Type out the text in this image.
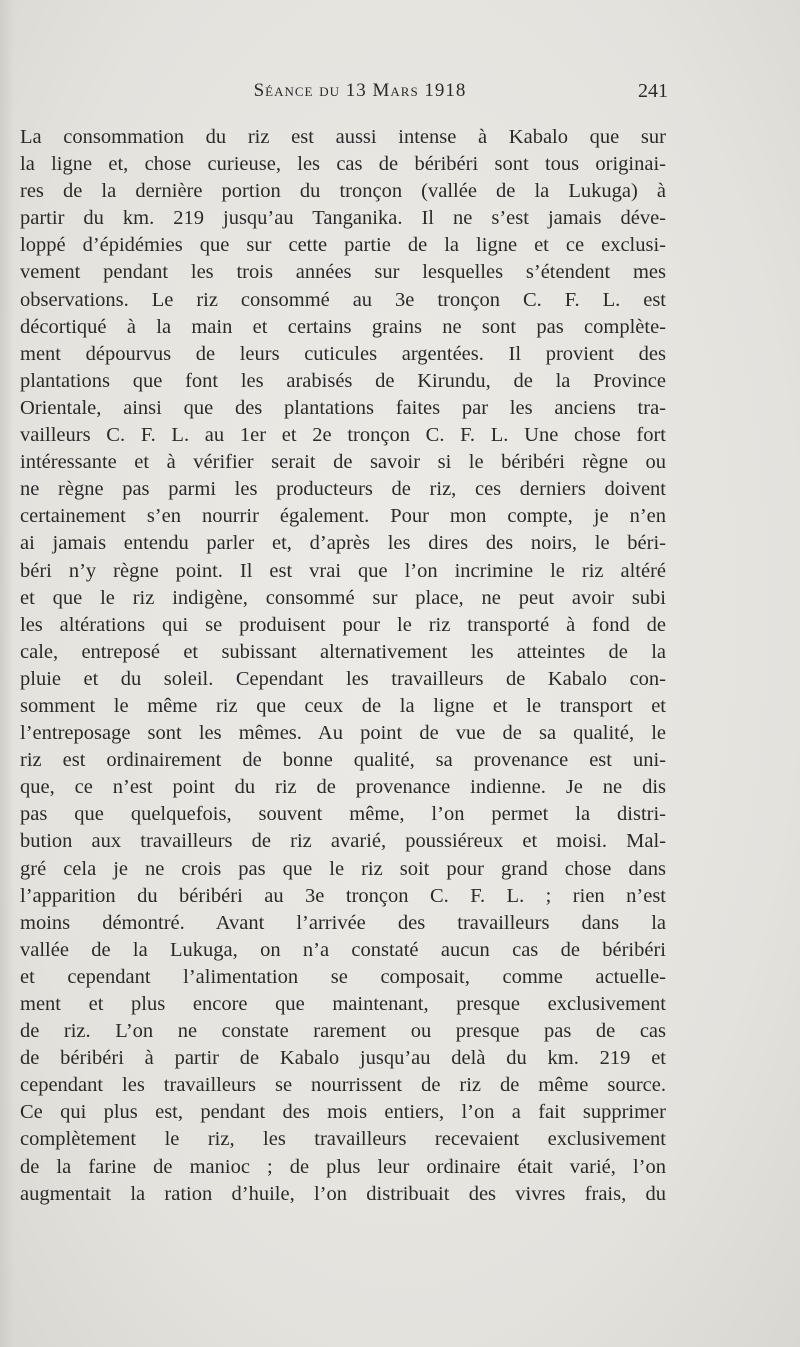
Séance du 13 Mars 1918	241
La consommation du riz est aussi intense à Kabalo que sur
la ligne et, chose curieuse, les cas de béribéri sont tous originai-
res de la dernière portion du tronçon (vallée de la Lukuga) à
partir du km. 219 jusqu’au Tanganika. Il ne s’est jamais déve-
loppé d’épidémies que sur cette partie de la ligne et ce exclusi-
vement pendant les trois années sur lesquelles s’étendent mes
observations. Le riz consommé au 3e tronçon C. F. L. est
décortiqué à la main et certains grains ne sont pas complète-
ment dépourvus de leurs cuticules argentées. Il provient des
plantations que font les arabisés de Kirundu, de la Province
Orientale, ainsi que des plantations faites par les anciens tra-
vailleurs C. F. L. au 1er et 2e tronçon C. F. L. Une chose fort
intéressante et à vérifier serait de savoir si le béribéri règne ou
ne règne pas parmi les producteurs de riz, ces derniers doivent
certainement s’en nourrir également. Pour mon compte, je n’en
ai jamais entendu parler et, d’après les dires des noirs, le béri-
béri n’y règne point. Il est vrai que l’on incrimine le riz altéré
et que le riz indigène, consommé sur place, ne peut avoir subi
les altérations qui se produisent pour le riz transporté à fond de
cale, entreposé et subissant alternativement les atteintes de la
pluie et du soleil. Cependant les travailleurs de Kabalo con-
somment le même riz que ceux de la ligne et le transport et
l’entreposage sont les mêmes. Au point de vue de sa qualité, le
riz est ordinairement de bonne qualité, sa provenance est uni-
que, ce n’est point du riz de provenance indienne. Je ne dis
pas que quelquefois, souvent même, l’on permet la distri-
bution aux travailleurs de riz avarié, poussiéreux et moisi. Mal-
gré cela je ne crois pas que le riz soit pour grand chose dans
l’apparition du béribéri au 3e tronçon C. F. L. ; rien n’est
moins démontré. Avant l’arrivée des travailleurs dans la
vallée de la Lukuga, on n’a constaté aucun cas de béribéri
et cependant l’alimentation se composait, comme actuelle-
ment et plus encore que maintenant, presque exclusivement
de riz. L’on ne constate rarement ou presque pas de cas
de béribéri à partir de Kabalo jusqu’au delà du km. 219 et
cependant les travailleurs se nourrissent de riz de même source.
Ce qui plus est, pendant des mois entiers, l’on a fait supprimer
complètement le riz, les travailleurs recevaient exclusivement
de la farine de manioc ; de plus leur ordinaire était varié, l’on
augmentait la ration d’huile, l’on distribuait des vivres frais, du
